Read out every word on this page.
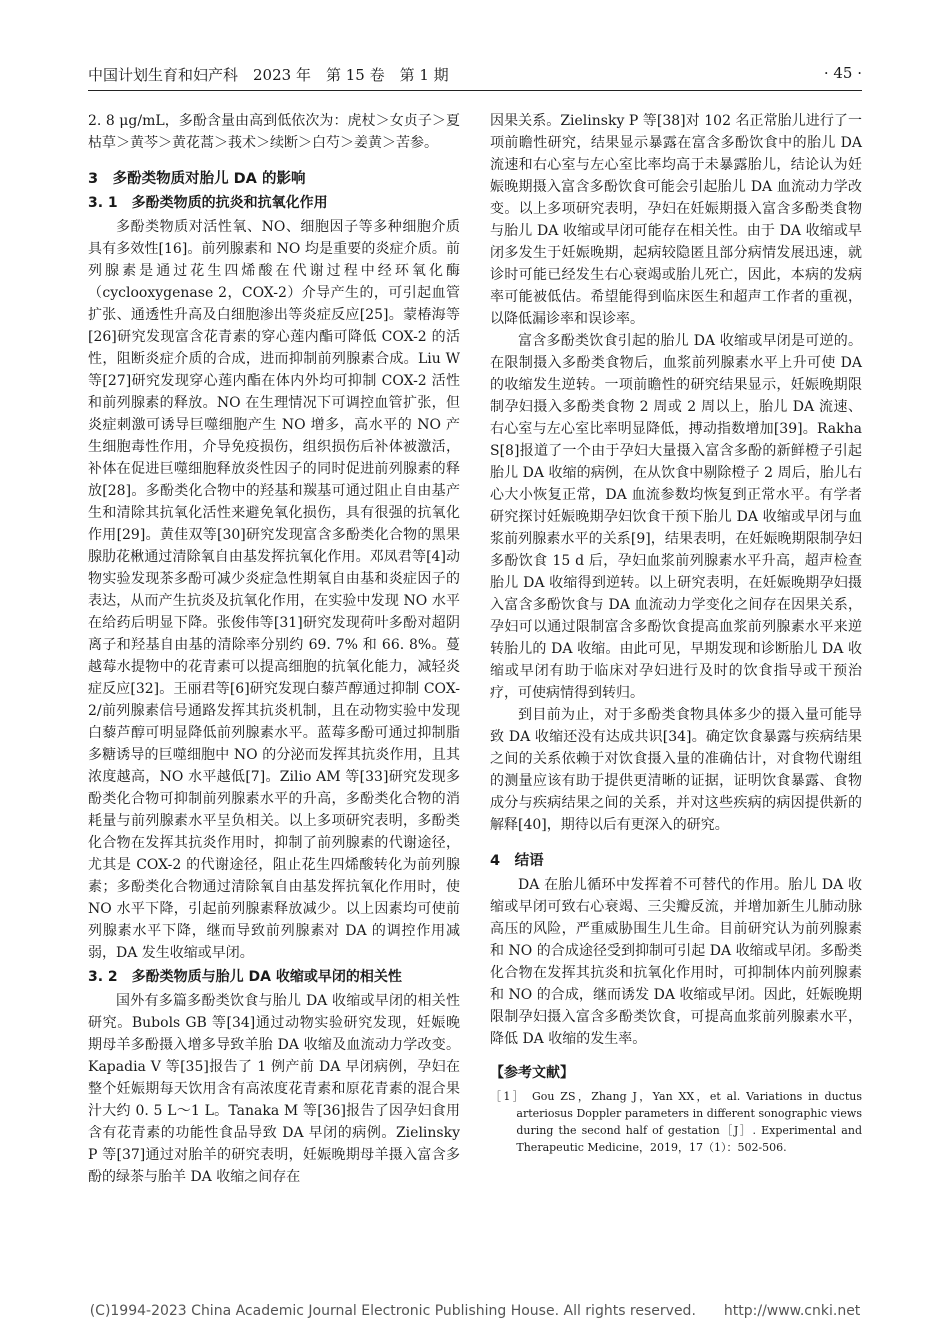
中国计划生育和妇产科　2023 年　第 15 卷　第 1 期	· 45 ·

2. 8 μg/mL，多酚含量由高到低依次为：虎杖＞女贞子＞夏枯草＞黄芩＞黄花蒿＞莪术＞续断＞白芍＞姜黄＞苦参。

3　多酚类物质对胎儿 DA 的影响
3. 1　多酚类物质的抗炎和抗氧化作用

多酚类物质对活性氧、NO、细胞因子等多种细胞介质具有多效性[16]。前列腺素和 NO 均是重要的炎症介质。前列腺素是通过花生四烯酸在代谢过程中经环氧化酶（cyclooxygenase 2，COX-2）介导产生的，可引起血管扩张、通透性升高及白细胞渗出等炎症反应[25]。蒙椿海等[26]研究发现富含花青素的穿心莲内酯可降低 COX-2 的活性，阻断炎症介质的合成，进而抑制前列腺素合成。Liu W 等[27]研究发现穿心莲内酯在体内外均可抑制 COX-2 活性和前列腺素的释放。NO 在生理情况下可调控血管扩张，但炎症刺激可诱导巨噬细胞产生 NO 增多，高水平的 NO 产生细胞毒性作用，介导免疫损伤，组织损伤后补体被激活，补体在促进巨噬细胞释放炎性因子的同时促进前列腺素的释放[28]。多酚类化合物中的羟基和羰基可通过阻止自由基产生和清除其抗氧化活性来避免氧化损伤，具有很强的抗氧化作用[29]。黄佳双等[30]研究发现富含多酚类化合物的黑果腺肋花楸通过清除氧自由基发挥抗氧化作用。邓凤君等[4]动物实验发现茶多酚可减少炎症急性期氧自由基和炎症因子的表达，从而产生抗炎及抗氧化作用，在实验中发现 NO 水平在给药后明显下降。张俊伟等[31]研究发现荷叶多酚对超阴离子和羟基自由基的清除率分别约 69. 7% 和 66. 8%。蔓越莓水提物中的花青素可以提高细胞的抗氧化能力，减轻炎症反应[32]。王丽君等[6]研究发现白藜芦醇通过抑制 COX-2/前列腺素信号通路发挥其抗炎机制，且在动物实验中发现白藜芦醇可明显降低前列腺素水平。蓝莓多酚可通过抑制脂多糖诱导的巨噬细胞中 NO 的分泌而发挥其抗炎作用，且其浓度越高，NO 水平越低[7]。Zilio AM 等[33]研究发现多酚类化合物可抑制前列腺素水平的升高，多酚类化合物的消耗量与前列腺素水平呈负相关。以上多项研究表明，多酚类化合物在发挥其抗炎作用时，抑制了前列腺素的代谢途径，尤其是 COX-2 的代谢途径，阻止花生四烯酸转化为前列腺素；多酚类化合物通过清除氧自由基发挥抗氧化作用时，使 NO 水平下降，引起前列腺素释放减少。以上因素均可使前列腺素水平下降，继而导致前列腺素对 DA 的调控作用减弱，DA 发生收缩或早闭。

3. 2　多酚类物质与胎儿 DA 收缩或早闭的相关性

国外有多篇多酚类饮食与胎儿 DA 收缩或早闭的相关性研究。Bubols GB 等[34]通过动物实验研究发现，妊娠晚期母羊多酚摄入增多导致羊胎 DA 收缩及血流动力学改变。Kapadia V 等[35]报告了 1 例产前 DA 早闭病例，孕妇在整个妊娠期每天饮用含有高浓度花青素和原花青素的混合果汁大约 0. 5 L～1 L。Tanaka M 等[36]报告了因孕妇食用含有花青素的功能性食品导致 DA 早闭的病例。Zielinsky P 等[37]通过对胎羊的研究表明，妊娠晚期母羊摄入富含多酚的绿茶与胎羊 DA 收缩之间存在

因果关系。Zielinsky P 等[38]对 102 名正常胎儿进行了一项前瞻性研究，结果显示暴露在富含多酚饮食中的胎儿 DA 流速和右心室与左心室比率均高于未暴露胎儿，结论认为妊娠晚期摄入富含多酚饮食可能会引起胎儿 DA 血流动力学改变。以上多项研究表明，孕妇在妊娠期摄入富含多酚类食物与胎儿 DA 收缩或早闭可能存在相关性。由于 DA 收缩或早闭多发生于妊娠晚期，起病较隐匿且部分病情发展迅速，就诊时可能已经发生右心衰竭或胎儿死亡，因此，本病的发病率可能被低估。希望能得到临床医生和超声工作者的重视，以降低漏诊率和误诊率。

富含多酚类饮食引起的胎儿 DA 收缩或早闭是可逆的。在限制摄入多酚类食物后，血浆前列腺素水平上升可使 DA 的收缩发生逆转。一项前瞻性的研究结果显示，妊娠晚期限制孕妇摄入多酚类食物 2 周或 2 周以上，胎儿 DA 流速、右心室与左心室比率明显降低，搏动指数增加[39]。Rakha S[8]报道了一个由于孕妇大量摄入富含多酚的新鲜橙子引起胎儿 DA 收缩的病例，在从饮食中剔除橙子 2 周后，胎儿右心大小恢复正常，DA 血流参数均恢复到正常水平。有学者研究探讨妊娠晚期孕妇饮食干预下胎儿 DA 收缩或早闭与血浆前列腺素水平的关系[9]，结果表明，在妊娠晚期限制孕妇多酚饮食 15 d 后，孕妇血浆前列腺素水平升高，超声检查胎儿 DA 收缩得到逆转。以上研究表明，在妊娠晚期孕妇摄入富含多酚饮食与 DA 血流动力学变化之间存在因果关系，孕妇可以通过限制富含多酚饮食提高血浆前列腺素水平来逆转胎儿的 DA 收缩。由此可见，早期发现和诊断胎儿 DA 收缩或早闭有助于临床对孕妇进行及时的饮食指导或干预治疗，可使病情得到转归。

到目前为止，对于多酚类食物具体多少的摄入量可能导致 DA 收缩还没有达成共识[34]。确定饮食暴露与疾病结果之间的关系依赖于对饮食摄入量的准确估计，对食物代谢组的测量应该有助于提供更清晰的证据，证明饮食暴露、食物成分与疾病结果之间的关系，并对这些疾病的病因提供新的解释[40]，期待以后有更深入的研究。

4　结语

DA 在胎儿循环中发挥着不可替代的作用。胎儿 DA 收缩或早闭可致右心衰竭、三尖瓣反流，并增加新生儿肺动脉高压的风险，严重威胁围生儿生命。目前研究认为前列腺素和 NO 的合成途径受到抑制可引起 DA 收缩或早闭。多酚类化合物在发挥其抗炎和抗氧化作用时，可抑制体内前列腺素和 NO 的合成，继而诱发 DA 收缩或早闭。因此，妊娠晚期限制孕妇摄入富含多酚类饮食，可提高血浆前列腺素水平，降低 DA 收缩的发生率。

【参考文献】

［1］ Gou ZS，Zhang J，Yan XX，et al. Variations in ductus arteriosus Doppler parameters in different sonographic views during the second half of gestation［J］. Experimental and Therapeutic Medicine，2019，17（1）：502-506.

(C)1994-2023 China Academic Journal Electronic Publishing House. All rights reserved.　　http://www.cnki.net
